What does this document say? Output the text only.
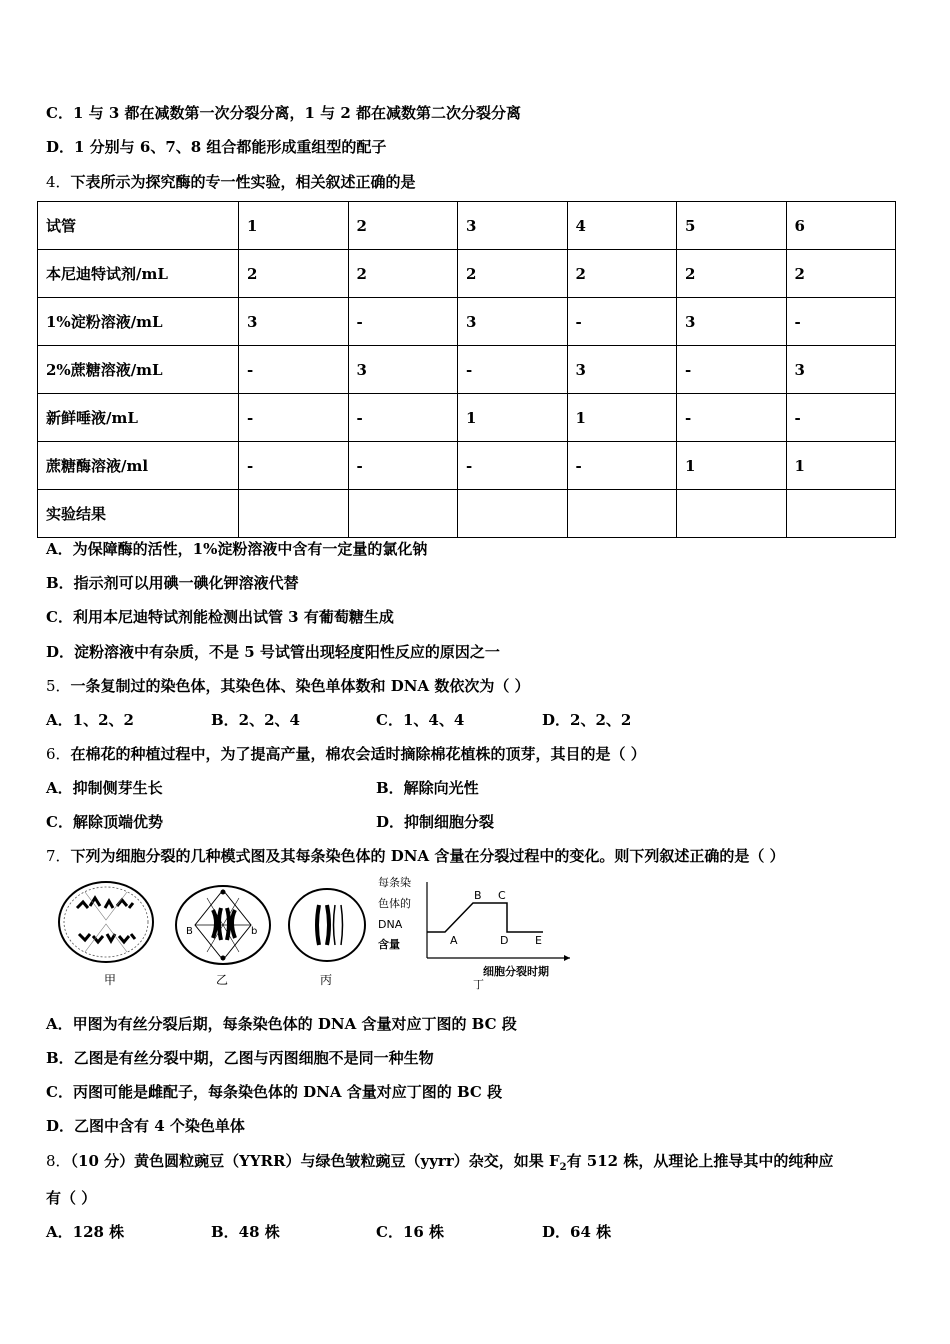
C．1 与 3 都在减数第一次分裂分离，1 与 2 都在减数第二次分裂分离
D．1 分别与 6、7、8 组合都能形成重组型的配子
4．下表所示为探究酶的专一性实验，相关叙述正确的是
试管	1	2	3	4	5	6
本尼迪特试剂/mL	2	2	2	2	2	2
1%淀粉溶液/mL	3	-	3	-	3	-
2%蔗糖溶液/mL	-	3	-	3	-	3
新鲜唾液/mL	-	-	1	1	-	-
蔗糖酶溶液/ml	-	-	-	-	1	1
实验结果						
A．为保障酶的活性，1%淀粉溶液中含有一定量的氯化钠
B．指示剂可以用碘一碘化钾溶液代替
C．利用本尼迪特试剂能检测出试管 3 有葡萄糖生成
D．淀粉溶液中有杂质，不是 5 号试管出现轻度阳性反应的原因之一
5．一条复制过的染色体，其染色体、染色单体数和 DNA 数依次为（ ）
A．1、2、2	B．2、2、4	C．1、4、4	D．2、2、2
6．在棉花的种植过程中，为了提高产量，棉农会适时摘除棉花植株的顶芽，其目的是（ ）
A．抑制侧芽生长	B．解除向光性
C．解除顶端优势	D．抑制细胞分裂
7．下列为细胞分裂的几种模式图及其每条染色体的 DNA 含量在分裂过程中的变化。则下列叙述正确的是（ ）
甲
B	b
乙	丙
每条染
色体的
DNA
含量	A
B C
D E
细胞分裂时期
丁
A．甲图为有丝分裂后期，每条染色体的 DNA 含量对应丁图的 BC 段
B．乙图是有丝分裂中期，乙图与丙图细胞不是同一种生物
C．丙图可能是雌配子，每条染色体的 DNA 含量对应丁图的 BC 段
D．乙图中含有 4 个染色单体
8．（10 分）黄色圆粒豌豆（YYRR）与绿色皱粒豌豆（yyrr）杂交，如果 $F_2$有 512 株，从理论上推导其中的纯种应
有（ ）
A．128 株	B．48 株	C．16 株	D．64 株
